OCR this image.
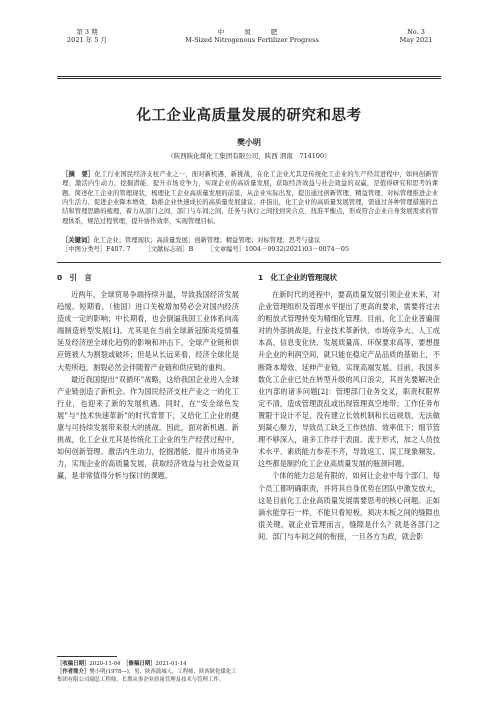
第 3 期
2021 年 5 月
中 氮 肥
M-Sized Nitrogenous Fertilizer Progress
No. 3
May 2021
化工企业高质量发展的研究和思考
樊小明
（陕西陕化煤化工集团有限公司，陕西 渭南　714100）
［摘　要］化工行业国民经济支柱产业之一，面对新机遇、新挑战，在化工企业尤其是传统化工企业的生产经营进程中，如何创新管理、激活内生动力，挖掘潜能、提升市场竞争力，实现企业的高质量发展，获取经济效益与社会效益的双赢，是值得研究和思考的课题。简述化工企业的管理现状，梳理化工企业高质量发展的前景，从企业实际出发，提出通过创新管理、精益管理、对标管理推进企业内生活力、促进企业降本增效、助推企业快速成长的高质量发展建议；并指出，化工企业的高质量发展管理，需通过各种管理措施的总结和管理思路的梳理，着力从部门之间、部门与车间之间、任务与执行之间找到突合点、找准平衡点，形成符合企业自身发展需求的管理体系，规范过程管理，提升协作效率，实现管理目标。
［关键词］化工企业；管理现状；高质量发展；创新管理；精益管理；对标管理；思考与建议
［中图分类号］F407. 7 ［文献标志码］B ［文章编号］1004－9932(2021)03－0074－05
0　引　言

近两年，全球贸易争端持续升温，导致我国经济发展趋缓。短期看，（他国）进口关税增加势必会对国内经济造成一定的影响；中长期看，也会倒逼我国工业体系向高端制造转型发展[1]。尤其是在当前全球新冠肺炎疫情蔓延及经济逆全球化趋势的影响和冲击下，全球产业链和供应链被人为割裂或破坏；但是从长远来看，经济全球化是大势所趋，割裂必然会伴随着产业链和供应链的重构。

最近我国提出“双循环”战略，这给我国企业进入全球产业链创造了新机会。作为国民经济支柱产业之一的化工行业，也迎来了新的发展机遇。同时，在“安全绿色发展”与“技术快速革新”的时代背景下，又给化工企业的健康与可持续发展带来很大的挑战。因此，面对新机遇、新挑战，化工企业尤其是传统化工企业的生产经营过程中，如何创新管理、激活内生动力，挖掘潜能、提升市场竞争力，实现企业的高质量发展，获取经济效益与社会效益双赢，是非常值得分析与探讨的课题。

1　化工企业的管理现状

在新时代的进程中，要高质量发展引领企业未来，对企业管理组织及管理水平提出了更高的要求，需要将过去的粗放式管理转变为精细化管理。目前，化工企业普遍面对的外部挑战是，行业技术革新快、市场竞争大、人工成本高、信息变化快、发展质量高、环保要求高等，要想提升企业的利润空间，就只能在稳定产品品质的基础上，不断降本增效、延伸产业链、实现高端发展。目前，我国多数化工企业已处在转型升级的风口浪尖，其首先要解决企业内部的诸多问题[2]：管理部门业务交叉，职责权限界定不清，造成管理混乱或出现管理真空地带；工作任务布置限于设计不足，没有建立长效机制和长远规划，无法做到凝心聚力，导致员工缺乏工作热情、效率低下；细节管理不够深入，诸多工作浮于表面、流于形式，加之人员技术水平、素质能力参差不齐，导致返工、误工现象频发。这些都是制约化工企业高质量发展的瓶颈问题。

个体的能力总是有限的，如何让企业中每个部门、每个员工都明确职责，并将其自身优势在团队中激发放大，这是目前化工企业高质量发展需要思考的核心问题。正如滴水能穿石一样，不能只看短板，须决木板之间的缝隙也很关键。就企业管理而言，缝隙是什么？就是各部门之间、部门与车间之间的衔接，一旦各方为政，就会影

［收稿日期］2020-11-04　 ［修稿日期］2021-01-14
［作者简介］樊小明(1978—)，男，陕西蒲城人，工程师，陕西陕化煤化工集团有限公司副总工程师，长期从事企业质量管理及技术与管理工作。
